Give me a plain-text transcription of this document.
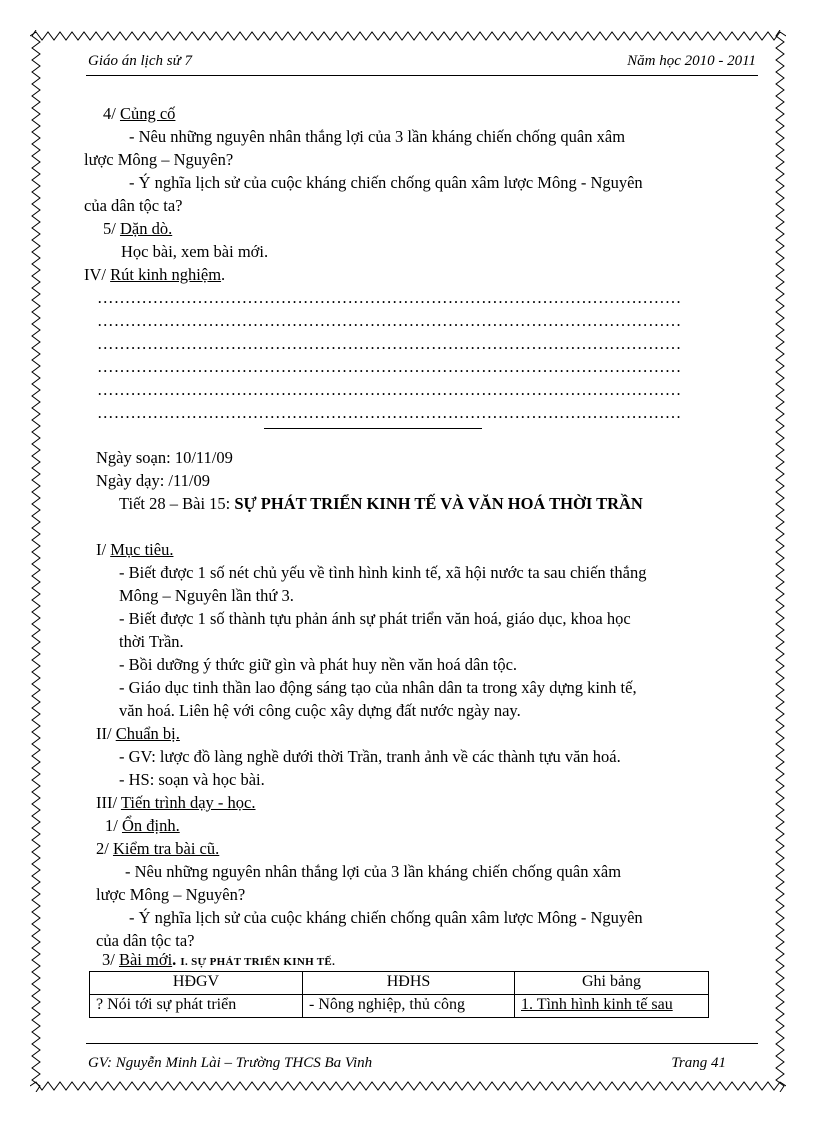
Giáo án lịch sử 7	Năm học 2010 - 2011
4/ Củng cố
- Nêu những nguyên nhân thắng lợi của 3 lần kháng chiến chống quân xâm
lược Mông – Nguyên?
- Ý nghĩa lịch sử của cuộc kháng chiến chống quân xâm lược Mông - Nguyên
của dân tộc ta?
5/ Dặn dò.
Học bài, xem bài mới.
IV/ Rút kinh nghiệm.
……………………………………………………………………………………………
……………………………………………………………………………………………
……………………………………………………………………………………………
……………………………………………………………………………………………
……………………………………………………………………………………………
……………………………………………………………………………………………
Ngày soạn: 10/11/09
Ngày dạy: /11/09
Tiết 28 – Bài 15: SỰ PHÁT TRIỂN KINH TẾ VÀ VĂN HOÁ THỜI TRẦN
I/ Mục tiêu.
- Biết được 1 số nét chủ yếu về tình hình kinh tế, xã hội nước ta sau chiến thắng
Mông – Nguyên lần thứ 3.
- Biết được 1 số thành tựu phản ánh sự phát triển văn hoá, giáo dục, khoa học
thời Trần.
- Bồi dưỡng ý thức giữ gìn và phát huy nền văn hoá dân tộc.
- Giáo dục tinh thần lao động sáng tạo của nhân dân ta trong xây dựng kinh tế,
văn hoá. Liên hệ với công cuộc xây dựng đất nước ngày nay.
II/ Chuẩn bị.
- GV: lược đồ làng nghề dưới thời Trần, tranh ảnh về các thành tựu văn hoá.
- HS: soạn và học bài.
III/ Tiến trình dạy - học.
1/ Ổn định.
2/ Kiểm tra bài cũ.
- Nêu những nguyên nhân thắng lợi của 3 lần kháng chiến chống quân xâm
lược Mông – Nguyên?
- Ý nghĩa lịch sử của cuộc kháng chiến chống quân xâm lược Mông - Nguyên
của dân tộc ta?
3/ Bài mới. I. SỰ PHÁT TRIỂN KINH TẾ.
HĐGV	HĐHS	Ghi bảng
? Nói tới sự phát triển	- Nông nghiệp, thủ công	1. Tình hình kinh tế sau
GV: Nguyễn Minh Lài – Trường THCS Ba Vinh	Trang 41
